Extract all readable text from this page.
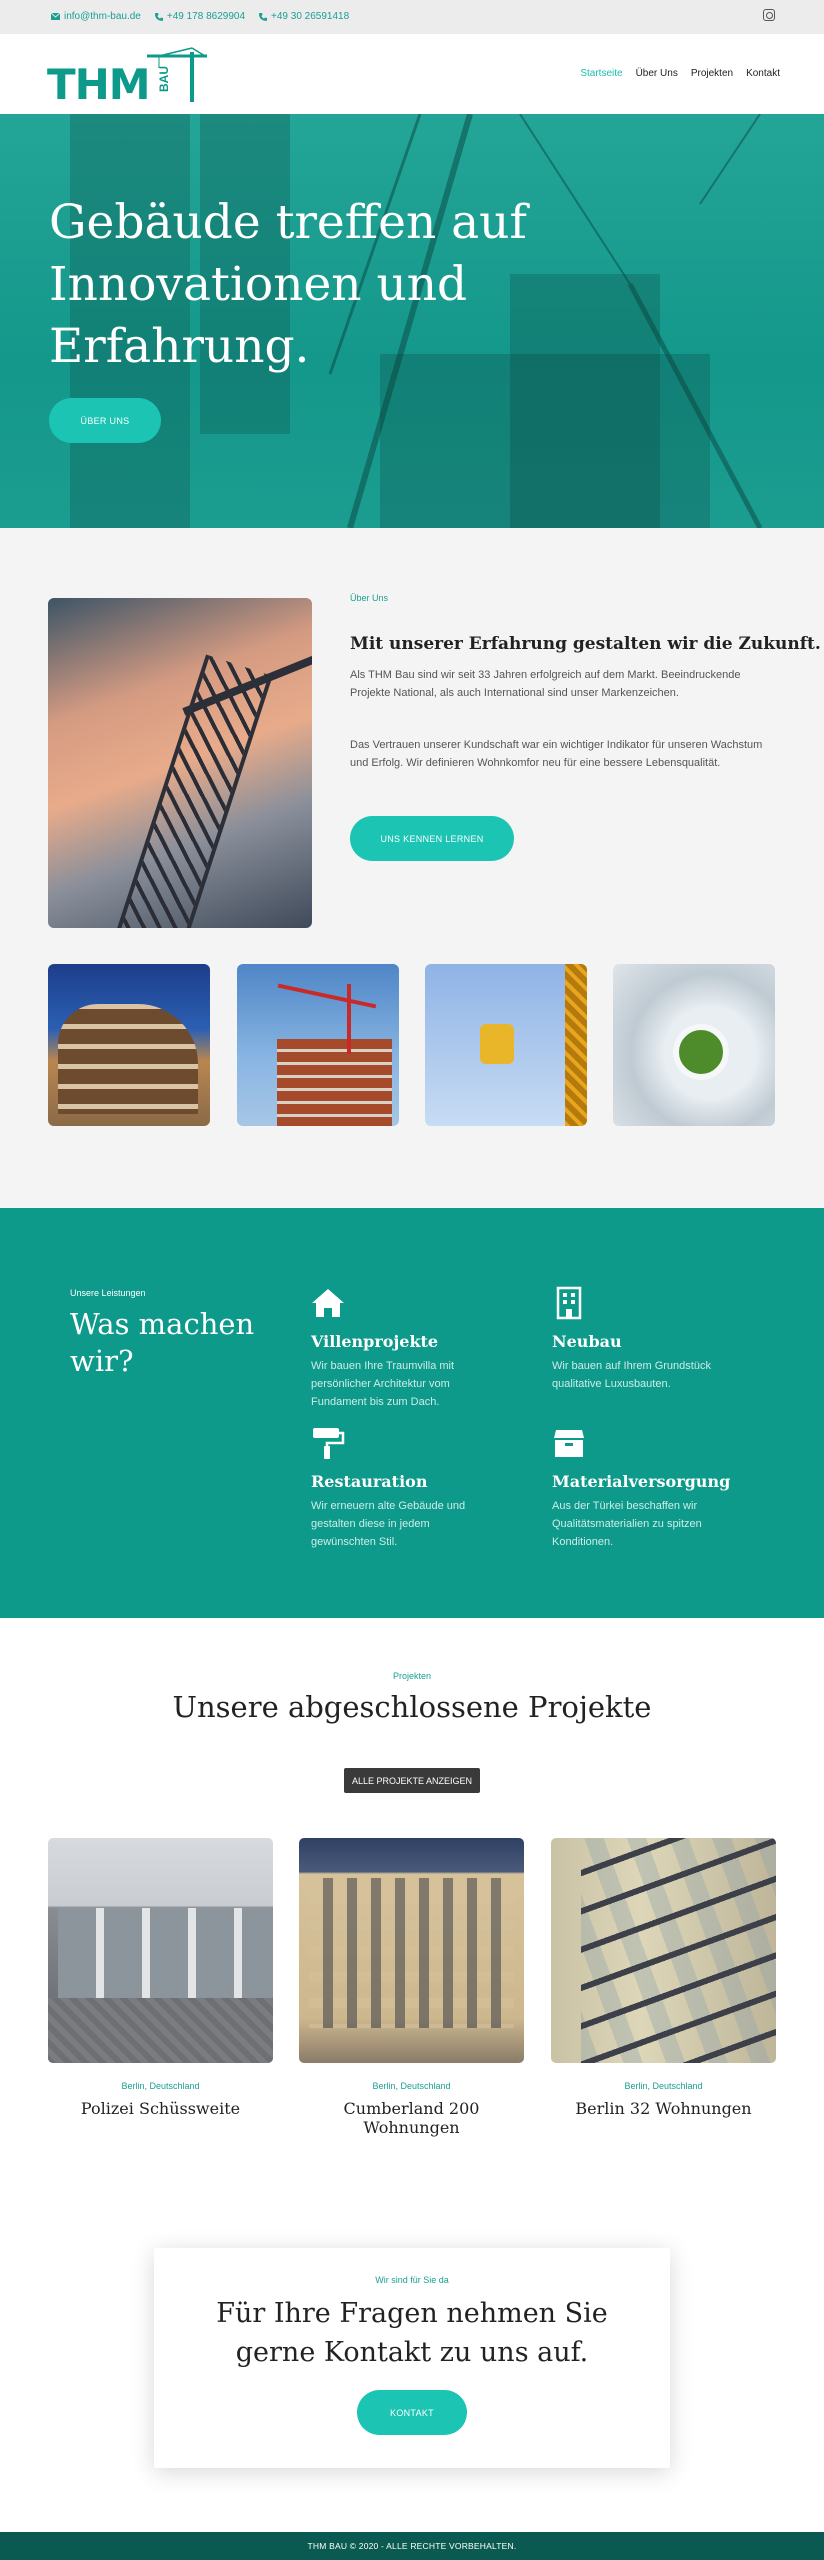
info@thm-bau.de	+49 178 8629904	+49 30 26591418
THM BAU	Startseite Über Uns Projekten Kontakt
Gebäude treffen auf Innovationen und Erfahrung.
ÜBER UNS
Über Uns
Mit unserer Erfahrung gestalten wir die Zukunft.

Als THM Bau sind wir seit 33 Jahren erfolgreich auf dem Markt. Beeindruckende Projekte National, als auch International sind unser Markenzeichen.

Das Vertrauen unserer Kundschaft war ein wichtiger Indikator für unseren Wachstum und Erfolg. Wir definieren Wohnkomfor neu für eine bessere Lebensqualität.

UNS KENNEN LERNEN
Unsere Leistungen
Was machen wir?
Villenprojekte

Wir bauen Ihre Traumvilla mit persönlicher Architektur vom Fundament bis zum Dach.

Neubau

Wir bauen auf Ihrem Grundstück qualitative Luxusbauten.

Restauration

Wir erneuern alte Gebäude und gestalten diese in jedem gewünschten Stil.

Materialversorgung

Aus der Türkei beschaffen wir Qualitätsmaterialien zu spitzen Konditionen.

Projekten
Unsere abgeschlossene Projekte
ALLE PROJEKTE ANZEIGEN
Berlin, Deutschland
Polizei Schüssweite
Berlin, Deutschland
Cumberland 200 Wohnungen
Berlin, Deutschland
Berlin 32 Wohnungen
Wir sind für Sie da
Für Ihre Fragen nehmen Sie gerne Kontakt zu uns auf.
KONTAKT
THM BAU © 2020 - ALLE RECHTE VORBEHALTEN.
